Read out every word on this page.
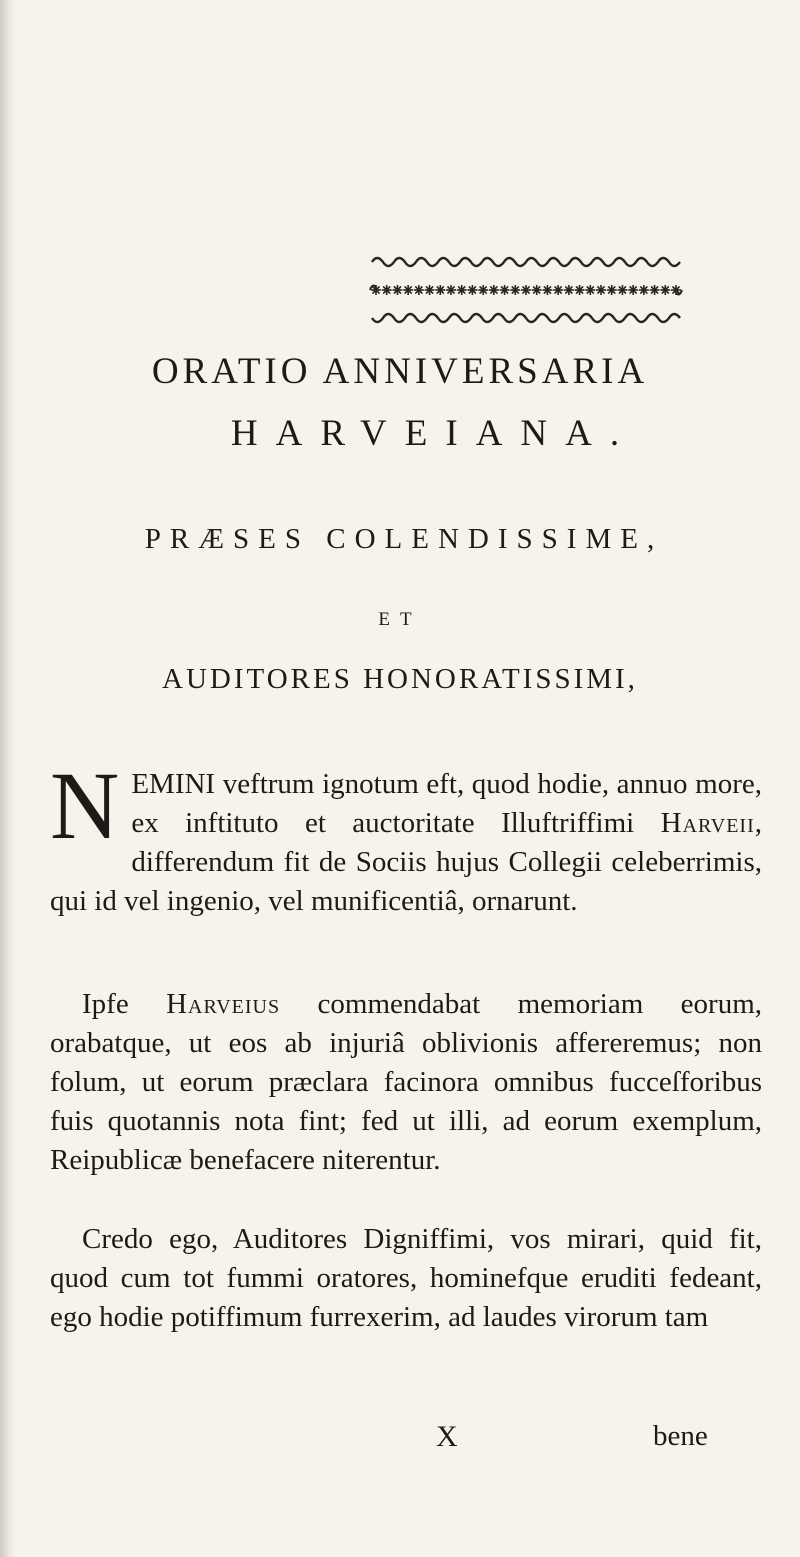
ORATIO ANNIVERSARIA
HARVEIANA.
PRÆSES COLENDISSIME,
ET
AUDITORES HONORATISSIMI,
NEMINI veftrum ignotum eft, quod hodie, annuo more, ex inftituto et auctoritate Illuftriffimi Harveii, differendum fit de Sociis hujus Collegii celeberrimis, qui id vel ingenio, vel munificentiâ, ornarunt.
Ipfe Harveius commendabat memoriam eorum, orabatque, ut eos ab injuriâ oblivionis affereremus; non folum, ut eorum præclara facinora omnibus fucceſforibus fuis quotannis nota fint; fed ut illi, ad eorum exemplum, Reipublicæ benefacere niterentur.
Credo ego, Auditores Digniffimi, vos mirari, quid fit, quod cum tot fummi oratores, hominefque eruditi fedeant, ego hodie potiffimum furrexerim, ad laudes virorum tam
X	bene
